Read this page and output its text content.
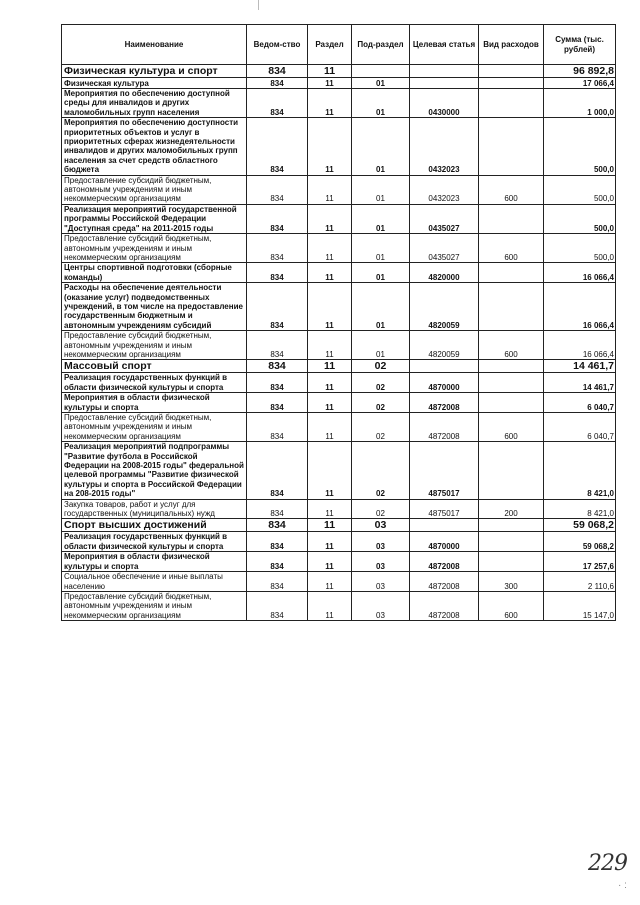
Наименование	Ведом-ство	Раздел	Под-раздел	Целевая статья	Вид расходов	Сумма (тыс. рублей)
Физическая культура и спорт	834	11				96 892,8
Физическая культура	834	11	01			17 066,4
Мероприятия по обеспечению доступной среды для инвалидов и других маломобильных групп населения	834	11	01	0430000		1 000,0
Мероприятия по обеспечению доступности приоритетных объектов и услуг в приоритетных сферах жизнедеятельности инвалидов и других маломобильных групп населения за счет средств областного бюджета	834	11	01	0432023		500,0
Предоставление субсидий бюджетным, автономным учреждениям и иным некоммерческим организациям	834	11	01	0432023	600	500,0
Реализация мероприятий государственной программы Российской Федерации "Доступная среда" на 2011-2015 годы	834	11	01	0435027		500,0
Предоставление субсидий бюджетным, автономным учреждениям и иным некоммерческим организациям	834	11	01	0435027	600	500,0
Центры спортивной подготовки (сборные команды)	834	11	01	4820000		16 066,4
Расходы на обеспечение деятельности (оказание услуг) подведомственных учреждений, в том числе на предоставление государственным бюджетным и автономным учреждениям субсидий	834	11	01	4820059		16 066,4
Предоставление субсидий бюджетным, автономным учреждениям и иным некоммерческим организациям	834	11	01	4820059	600	16 066,4
Массовый спорт	834	11	02			14 461,7
Реализация государственных функций в области физической культуры и спорта	834	11	02	4870000		14 461,7
Мероприятия в области физической культуры и спорта	834	11	02	4872008		6 040,7
Предоставление субсидий бюджетным, автономным учреждениям и иным некоммерческим организациям	834	11	02	4872008	600	6 040,7
Реализация мероприятий подпрограммы "Развитие футбола в Российской Федерации на 2008-2015 годы" федеральной целевой программы "Развитие физической культуры и спорта в Российской Федерации на 208-2015 годы"	834	11	02	4875017		8 421,0
Закупка товаров, работ и услуг для государственных (муниципальных) нужд	834	11	02	4875017	200	8 421,0
Спорт высших достижений	834	11	03			59 068,2
Реализация государственных функций в области физической культуры и спорта	834	11	03	4870000		59 068,2
Мероприятия в области физической культуры и спорта	834	11	03	4872008		17 257,6
Социальное обеспечение и иные выплаты населению	834	11	03	4872008	300	2 110,6
Предоставление субсидий бюджетным, автономным учреждениям и иным некоммерческим организациям	834	11	03	4872008	600	15 147,0
229
· :
